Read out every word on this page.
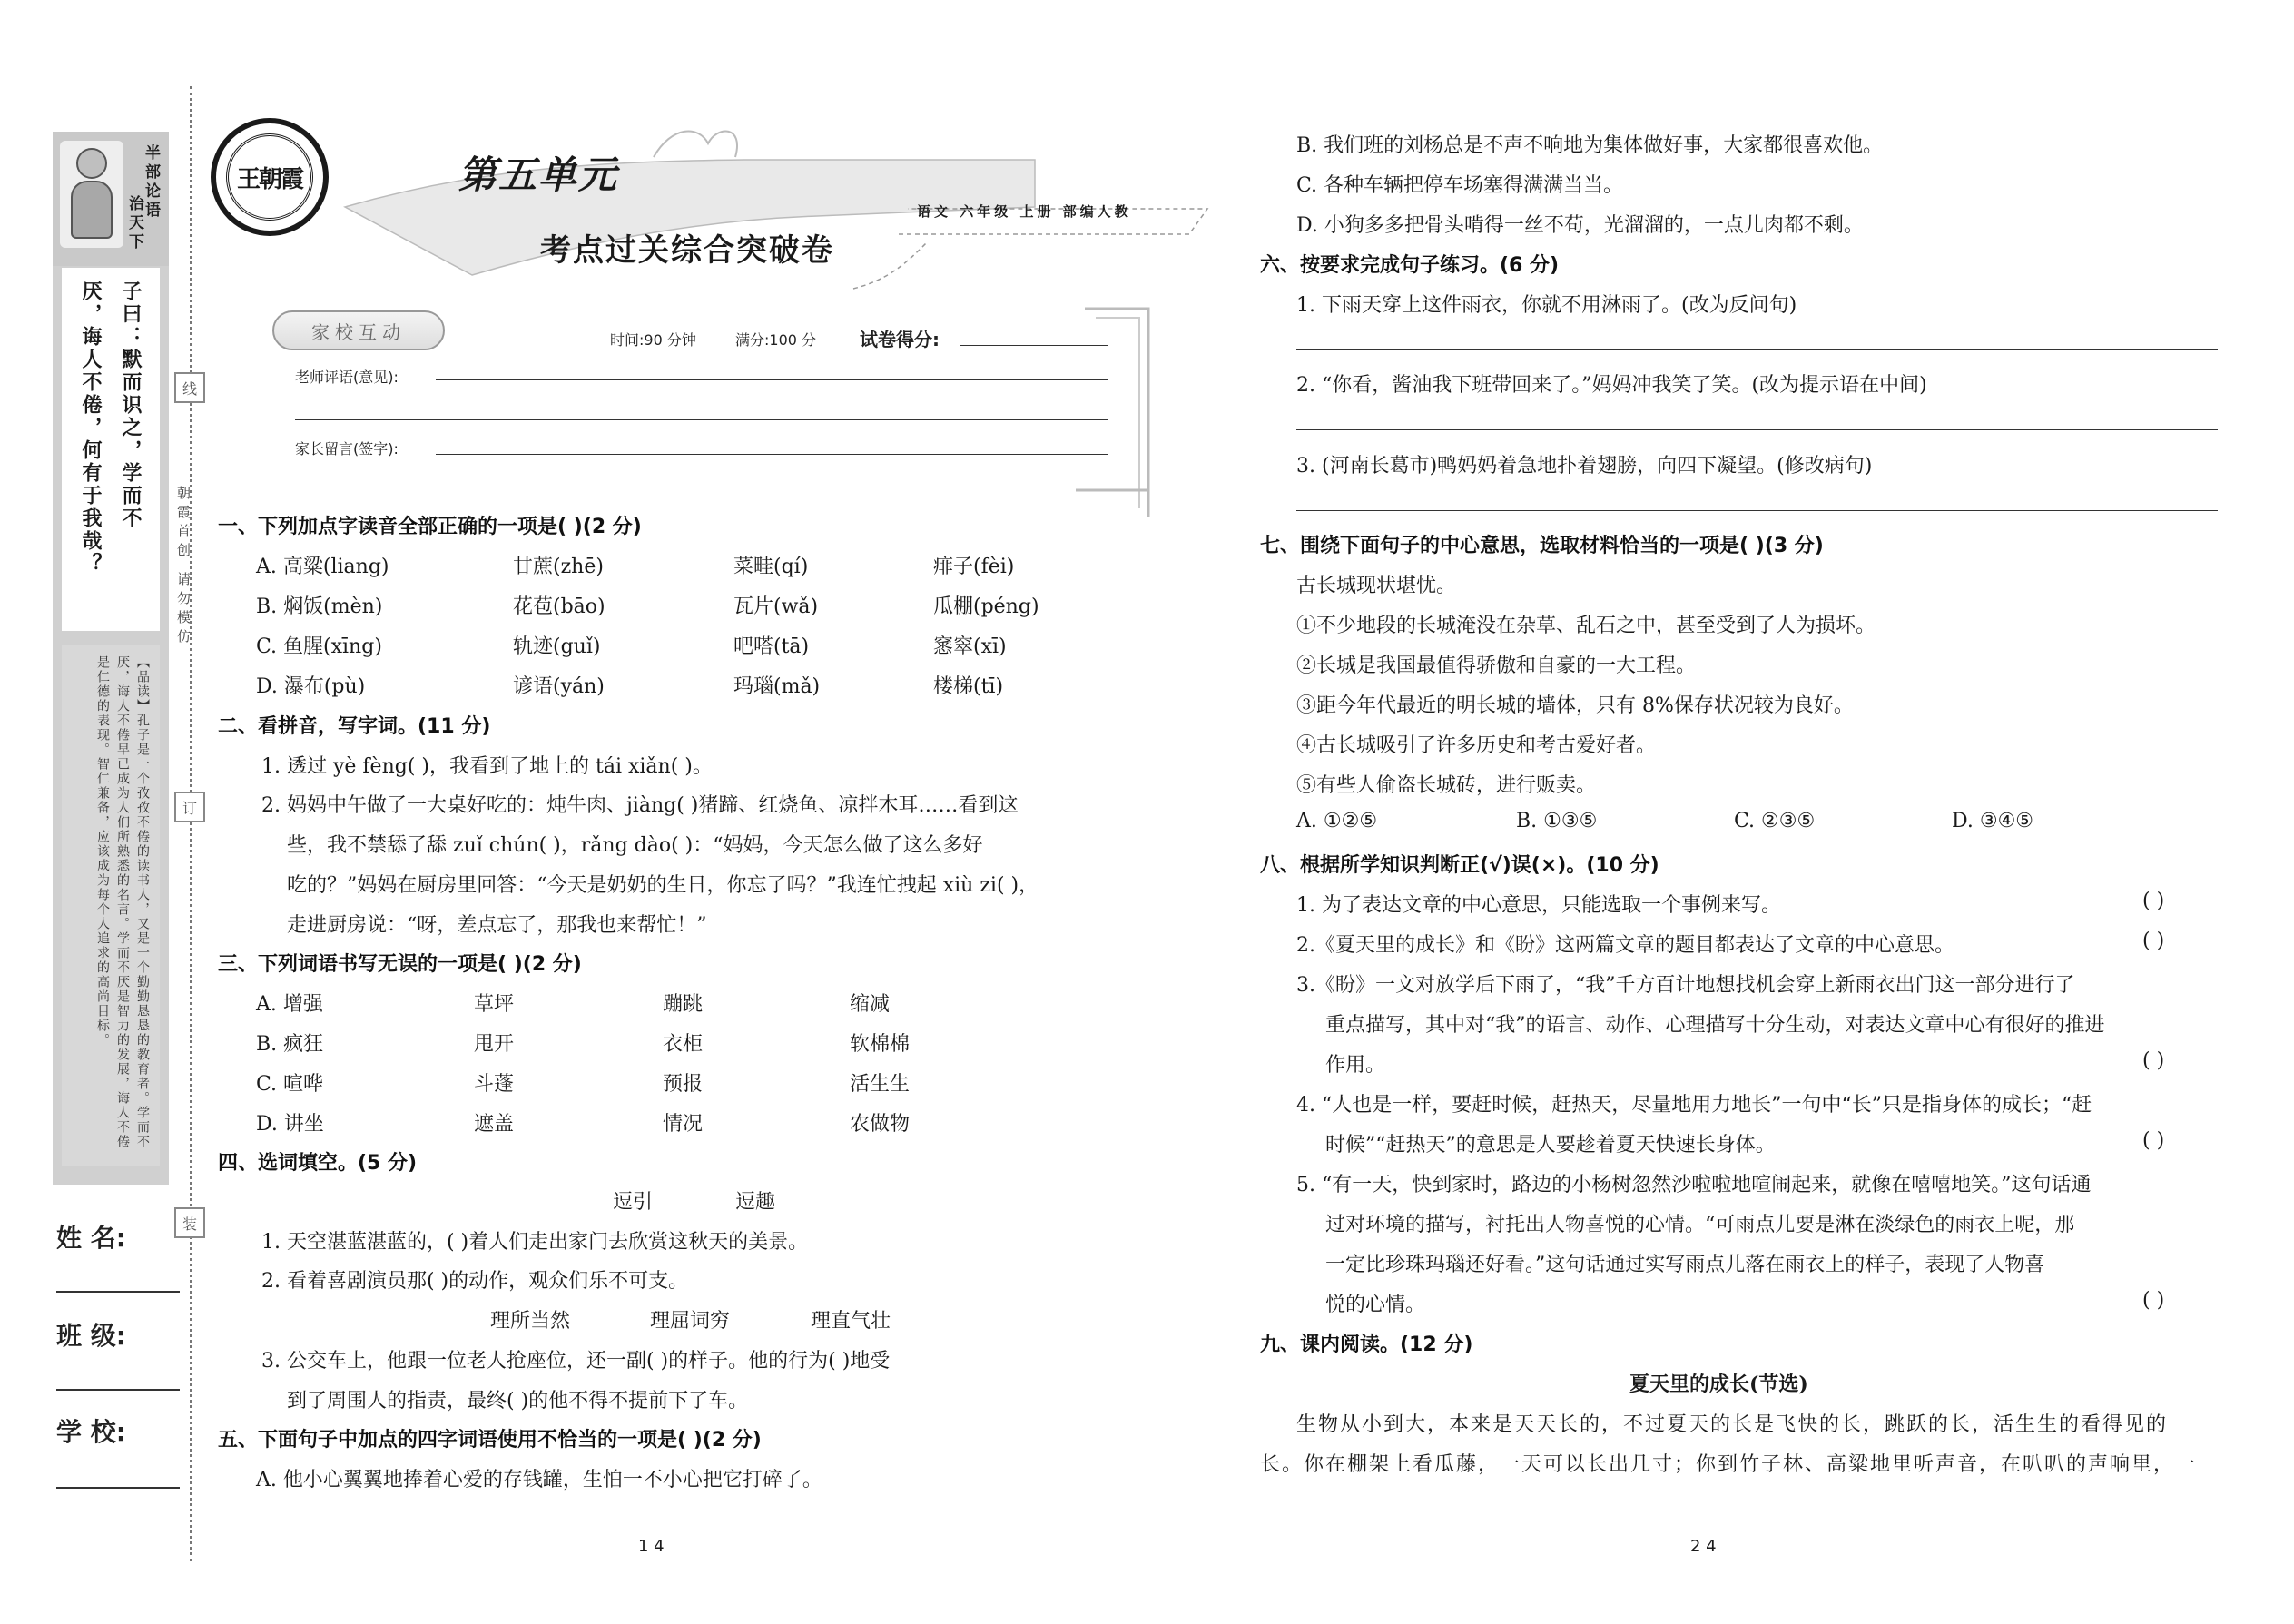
半部论语
治天下
子曰：默而识之，学而不
厌，诲人不倦，何有于我哉？
【品读】孔子是一个孜孜不倦的读书人，又是一个勤勤恳恳的教育者。学而不厌，诲人不倦早已成为人们所熟悉的名言。学而不厌是智力的发展，诲人不倦是仁德的表现。智仁兼备，应该成为每个人追求的高尚目标。
朝霞首创 请勿模仿
姓 名:
班 级:
学 校:
线
订
装
王朝霞	第五单元
考点过关综合突破卷
语文 六年级 上册 部编人教
家校互动	时间:90 分钟	满分:100 分 试卷得分:
老师评语(意见):
家长留言(签字):
一、下列加点字读音全部正确的一项是( )(2 分)
A. 高粱(liang)	甘蔗(zhē)	菜畦(qí)	痱子(fèi)
B. 焖饭(mèn)	花苞(bāo)	瓦片(wǎ)	瓜棚(péng)
C. 鱼腥(xīng)	轨迹(guǐ)	吧嗒(tā)	窸窣(xī)
D. 瀑布(pù)	谚语(yán)	玛瑙(mǎ)	楼梯(tī)
二、看拼音，写字词。(11 分)
1. 透过 yè fèng( )，我看到了地上的 tái xiǎn( )。
2. 妈妈中午做了一大桌好吃的：炖牛肉、jiàng( )猪蹄、红烧鱼、凉拌木耳……看到这
些，我不禁舔了舔 zuǐ chún( )，rǎng dào( )：“妈妈，今天怎么做了这么多好
吃的？”妈妈在厨房里回答：“今天是奶奶的生日，你忘了吗？”我连忙拽起 xiù zi( )，
走进厨房说：“呀，差点忘了，那我也来帮忙！”
三、下列词语书写无误的一项是( )(2 分)
A. 增强	草坪	蹦跳	缩减
B. 疯狂	甩开	衣柜	软棉棉
C. 喧哗	斗蓬	预报	活生生
D. 讲坐	遮盖	情况	农做物
四、选词填空。(5 分)
逗引	逗趣
1. 天空湛蓝湛蓝的，( )着人们走出家门去欣赏这秋天的美景。
2. 看着喜剧演员那( )的动作，观众们乐不可支。
理所当然	理屈词穷	理直气壮
3. 公交车上，他跟一位老人抢座位，还一副( )的样子。他的行为( )地受
到了周围人的指责，最终( )的他不得不提前下了车。
五、下面句子中加点的四字词语使用不恰当的一项是( )(2 分)
A. 他小心翼翼地捧着心爱的存钱罐，生怕一不小心把它打碎了。
1 4
B. 我们班的刘杨总是不声不响地为集体做好事，大家都很喜欢他。
C. 各种车辆把停车场塞得满满当当。
D. 小狗多多把骨头啃得一丝不苟，光溜溜的，一点儿肉都不剩。
六、按要求完成句子练习。(6 分)
1. 下雨天穿上这件雨衣，你就不用淋雨了。(改为反问句)
2. “你看，酱油我下班带回来了。”妈妈冲我笑了笑。(改为提示语在中间)
3. (河南长葛市)鸭妈妈着急地扑着翅膀，向四下凝望。(修改病句)
七、围绕下面句子的中心意思，选取材料恰当的一项是( )(3 分)
古长城现状堪忧。
①不少地段的长城淹没在杂草、乱石之中，甚至受到了人为损坏。
②长城是我国最值得骄傲和自豪的一大工程。
③距今年代最近的明长城的墙体，只有 8%保存状况较为良好。
④古长城吸引了许多历史和考古爱好者。
⑤有些人偷盗长城砖，进行贩卖。
A. ①②⑤	B. ①③⑤	C. ②③⑤	D. ③④⑤
八、根据所学知识判断正(√)误(×)。(10 分)
1. 为了表达文章的中心意思，只能选取一个事例来写。	( )
2.《夏天里的成长》和《盼》这两篇文章的题目都表达了文章的中心意思。	( )
3.《盼》一文对放学后下雨了，“我”千方百计地想找机会穿上新雨衣出门这一部分进行了
重点描写，其中对“我”的语言、动作、心理描写十分生动，对表达文章中心有很好的推进
作用。	( )
4. “人也是一样，要赶时候，赶热天，尽量地用力地长”一句中“长”只是指身体的成长；“赶
时候”“赶热天”的意思是人要趁着夏天快速长身体。	( )
5. “有一天，快到家时，路边的小杨树忽然沙啦啦地喧闹起来，就像在嘻嘻地笑。”这句话通
过对环境的描写，衬托出人物喜悦的心情。“可雨点儿要是淋在淡绿色的雨衣上呢，那
一定比珍珠玛瑙还好看。”这句话通过实写雨点儿落在雨衣上的样子，表现了人物喜
悦的心情。	( )
九、课内阅读。(12 分)
夏天里的成长(节选)
生物从小到大，本来是天天长的，不过夏天的长是飞快的长，跳跃的长，活生生的看得见的
长。你在棚架上看瓜藤，一天可以长出几寸；你到竹子林、高粱地里听声音，在叭叭的声响里，一
2 4
